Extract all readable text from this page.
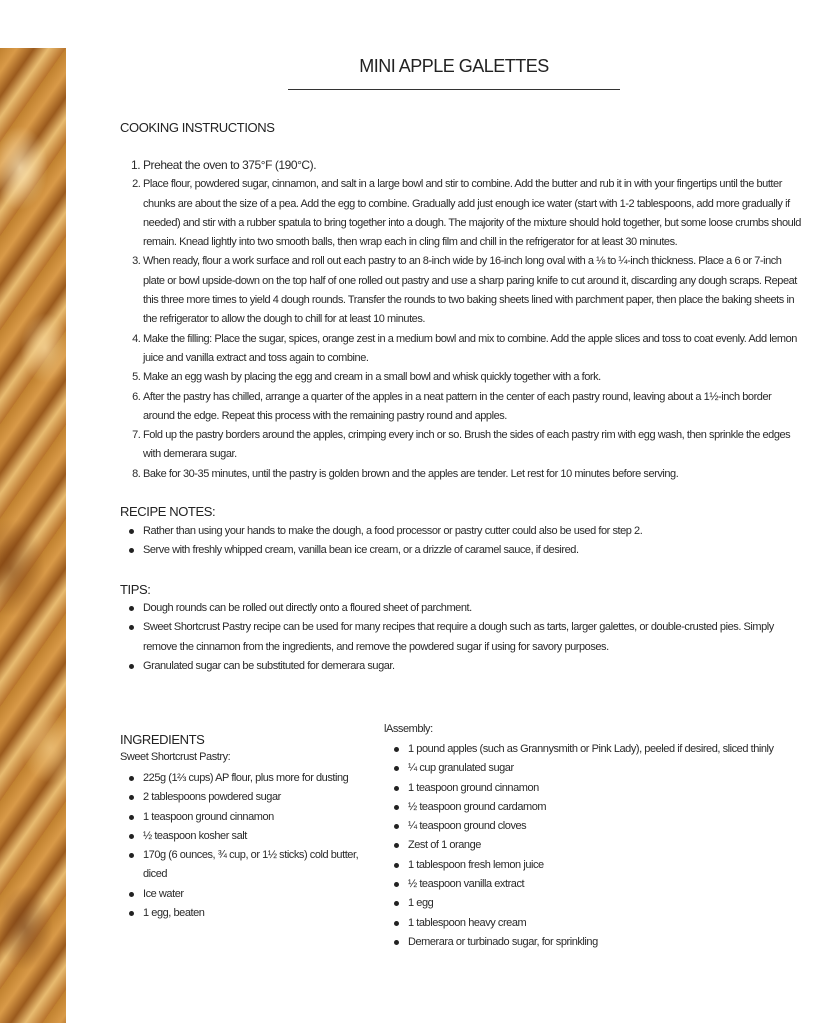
MINI APPLE GALETTES
COOKING INSTRUCTIONS
1. Preheat the oven to 375°F (190°C).
2. Place flour, powdered sugar, cinnamon, and salt in a large bowl and stir to combine. Add the butter and rub it in with your fingertips until the butter chunks are about the size of a pea. Add the egg to combine. Gradually add just enough ice water (start with 1-2 tablespoons, add more gradually if needed) and stir with a rubber spatula to bring together into a dough. The majority of the mixture should hold together, but some loose crumbs should remain. Knead lightly into two smooth balls, then wrap each in cling film and chill in the refrigerator for at least 30 minutes.
3. When ready, flour a work surface and roll out each pastry to an 8-inch wide by 16-inch long oval with a ⅛ to ¼-inch thickness. Place a 6 or 7-inch plate or bowl upside-down on the top half of one rolled out pastry and use a sharp paring knife to cut around it, discarding any dough scraps. Repeat this three more times to yield 4 dough rounds. Transfer the rounds to two baking sheets lined with parchment paper, then place the baking sheets in the refrigerator to allow the dough to chill for at least 10 minutes.
4. Make the filling: Place the sugar, spices, orange zest in a medium bowl and mix to combine. Add the apple slices and toss to coat evenly. Add lemon juice and vanilla extract and toss again to combine.
5. Make an egg wash by placing the egg and cream in a small bowl and whisk quickly together with a fork.
6. After the pastry has chilled, arrange a quarter of the apples in a neat pattern in the center of each pastry round, leaving about a 1½-inch border around the edge. Repeat this process with the remaining pastry round and apples.
7. Fold up the pastry borders around the apples, crimping every inch or so. Brush the sides of each pastry rim with egg wash, then sprinkle the edges with demerara sugar.
8. Bake for 30-35 minutes, until the pastry is golden brown and the apples are tender. Let rest for 10 minutes before serving.
RECIPE NOTES:
Rather than using your hands to make the dough, a food processor or pastry cutter could also be used for step 2.
Serve with freshly whipped cream, vanilla bean ice cream, or a drizzle of caramel sauce, if desired.
TIPS:
Dough rounds can be rolled out directly onto a floured sheet of parchment.
Sweet Shortcrust Pastry recipe can be used for many recipes that require a dough such as tarts, larger galettes, or double-crusted pies. Simply remove the cinnamon from the ingredients, and remove the powdered sugar if using for savory purposes.
Granulated sugar can be substituted for demerara sugar.
INGREDIENTS
Sweet Shortcrust Pastry:
225g (1⅔ cups) AP flour, plus more for dusting
2 tablespoons powdered sugar
1 teaspoon ground cinnamon
½ teaspoon kosher salt
170g (6 ounces, ¾ cup, or 1½ sticks) cold butter, diced
Ice water
1 egg, beaten
lAssembly:
1 pound apples (such as Grannysmith or Pink Lady), peeled if desired, sliced thinly
¼ cup granulated sugar
1 teaspoon ground cinnamon
½ teaspoon ground cardamom
¼ teaspoon ground cloves
Zest of 1 orange
1 tablespoon fresh lemon juice
½ teaspoon vanilla extract
1 egg
1 tablespoon heavy cream
Demerara or turbinado sugar, for sprinkling
